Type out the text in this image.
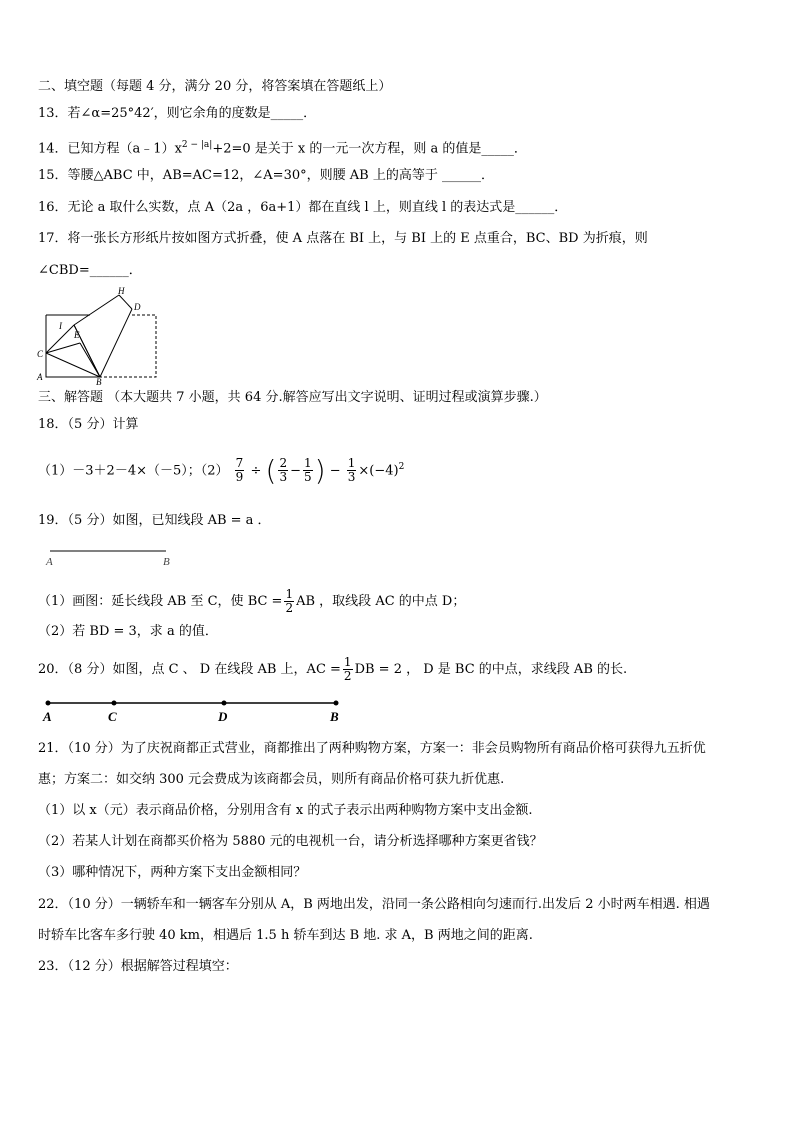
二、填空题（每题 4 分，满分 20 分，将答案填在答题纸上）
13．若∠α=25°42′，则它余角的度数是_____．
14．已知方程$(a﹣1)x^{2 - |a|}+2=0$ 是关于 x 的一元一次方程，则 a 的值是_____．
15．等腰△ABC 中，AB=AC=12，∠A=30°，则腰 AB 上的高等于 ______．
16．无论 a 取什么实数，点 A（2a ，6a+1）都在直线 l 上，则直线 l 的表达式是______．
17．将一张长方形纸片按如图方式折叠，使 A 点落在 BI 上，与 BI 上的 E 点重合，BC、BD 为折痕，则
∠CBD=______．
H
D
I
E
C
A	B
三、解答题 （本大题共 7 小题，共 64 分.解答应写出文字说明、证明过程或演算步骤.）
18．（5 分）计算
（1）－3＋2－4×（－5）；$(2) \frac{7}{9}$ ÷ ( $\frac{2}{3} - \frac{1}{5}$ ) − $\frac{1}{3} \times(-4)^2$
19．（5 分）如图，已知线段 AB = a ．
A	B
（1）画图：延长线段 AB 至 C，使 BC = $\frac{1}{2}$ AB ，取线段 AC 的中点 D；
（2）若 BD = 3，求 a 的值．
20．（8 分）如图，点 C 、 D 在线段 AB 上，AC = $\frac{1}{2}$ DB = 2 ， D 是 BC 的中点，求线段 AB 的长.
A	C	D	B
21．（10 分）为了庆祝商都正式营业，商都推出了两种购物方案，方案一：非会员购物所有商品价格可获得九五折优
惠；方案二：如交纳 300 元会费成为该商都会员，则所有商品价格可获九折优惠.
（1）以 x（元）表示商品价格，分别用含有 x 的式子表示出两种购物方案中支出金额.
（2）若某人计划在商都买价格为 5880 元的电视机一台，请分析选择哪种方案更省钱？
（3）哪种情况下，两种方案下支出金额相同？
22．（10 分）一辆轿车和一辆客车分别从 A，B 两地出发，沿同一条公路相向匀速而行.出发后 2 小时两车相遇. 相遇
时轿车比客车多行驶 40 km，相遇后 1.5 h 轿车到达 B 地. 求 A，B 两地之间的距离.
23．（12 分）根据解答过程填空：
